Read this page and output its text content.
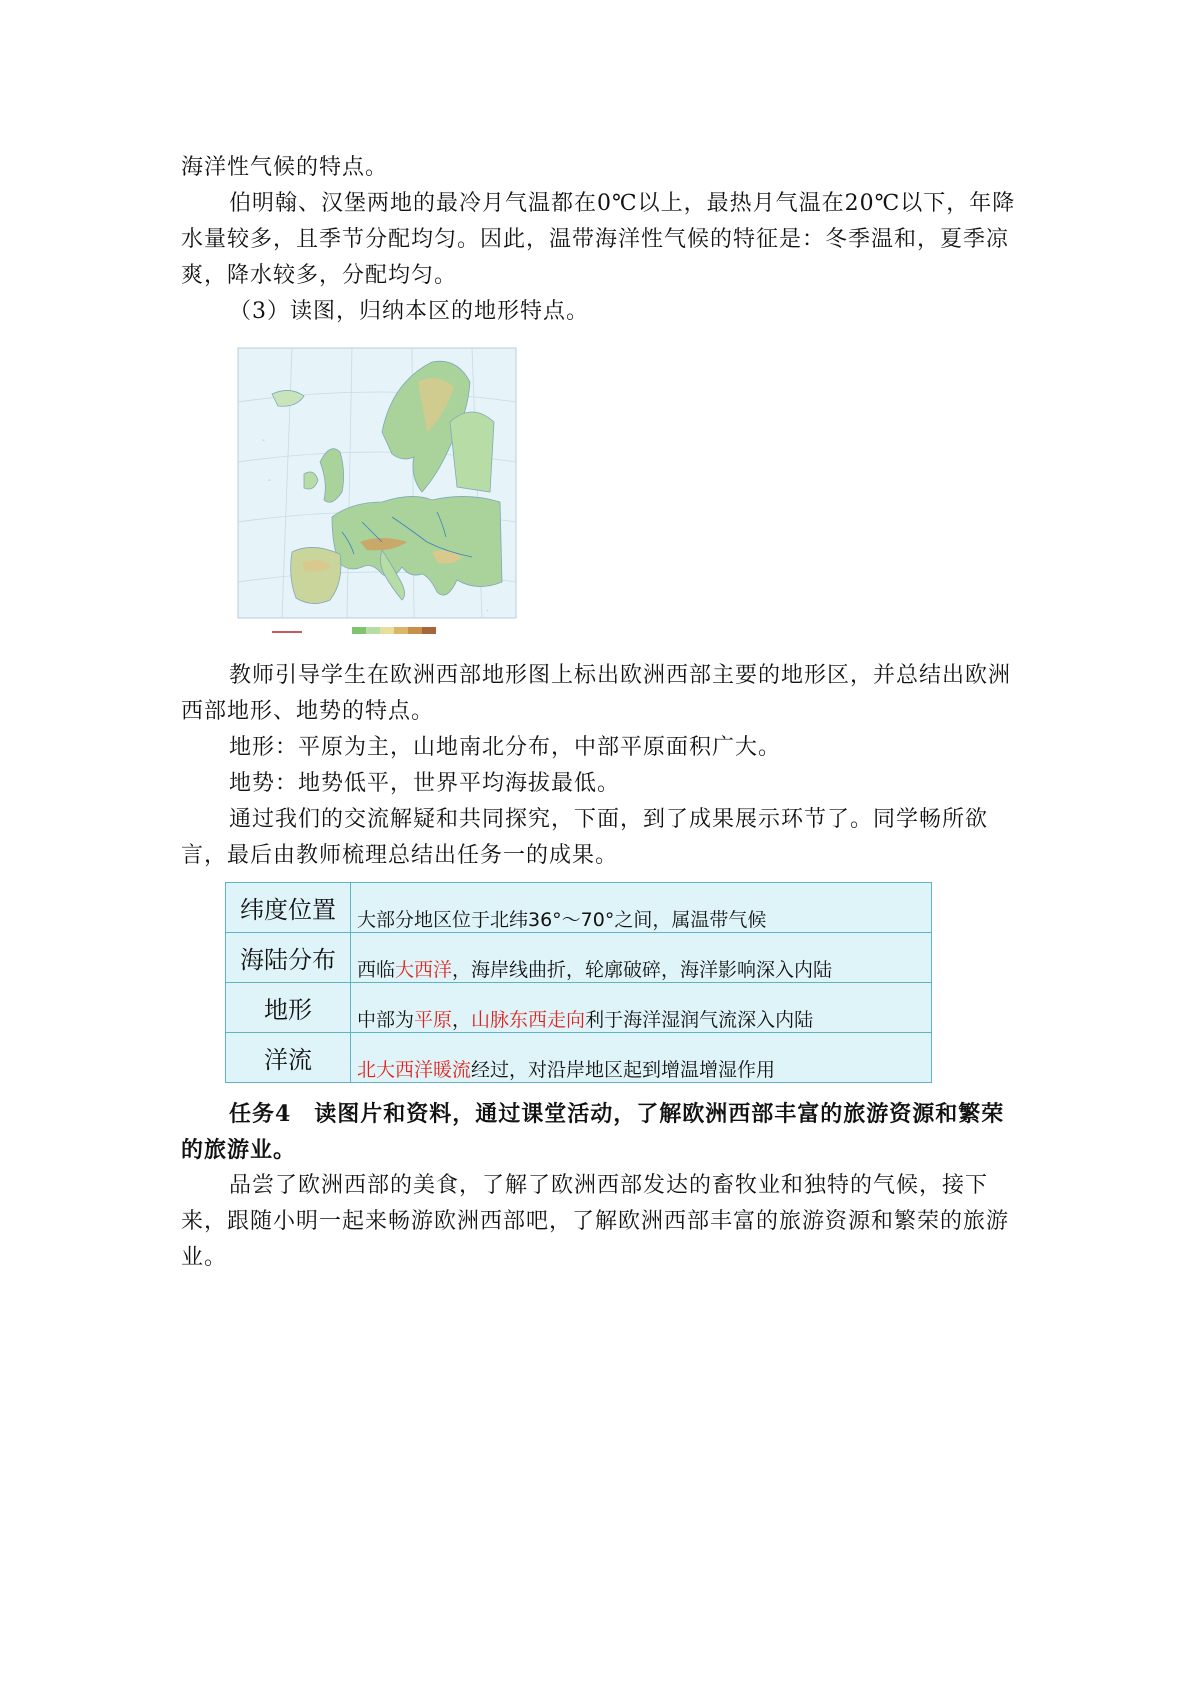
海洋性气候的特点。

伯明翰、汉堡两地的最冷月气温都在0℃以上，最热月气温在20℃以下，年降水量较多，且季节分配均匀。因此，温带海洋性气候的特征是：冬季温和，夏季凉爽，降水较多，分配均匀。

（3）读图，归纳本区的地形特点。

◦
◦
·

教师引导学生在欧洲西部地形图上标出欧洲西部主要的地形区，并总结出欧洲西部地形、地势的特点。

地形：平原为主，山地南北分布，中部平原面积广大。

地势：地势低平，世界平均海拔最低。

通过我们的交流解疑和共同探究，下面，到了成果展示环节了。同学畅所欲言，最后由教师梳理总结出任务一的成果。

纬度位置	大部分地区位于北纬36°～70°之间，属温带气候
海陆分布	西临大西洋，海岸线曲折，轮廓破碎，海洋影响深入内陆
地形	中部为平原，山脉东西走向利于海洋湿润气流深入内陆
洋流	北大西洋暖流经过，对沿岸地区起到增温增湿作用

任务4　读图片和资料，通过课堂活动，了解欧洲西部丰富的旅游资源和繁荣的旅游业。

品尝了欧洲西部的美食，了解了欧洲西部发达的畜牧业和独特的气候，接下来，跟随小明一起来畅游欧洲西部吧，了解欧洲西部丰富的旅游资源和繁荣的旅游业。
